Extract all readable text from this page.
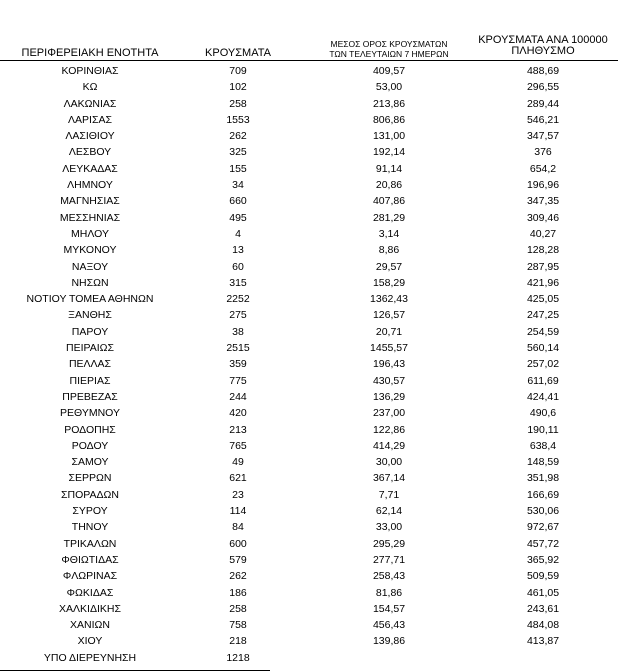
ΠΕΡΙΦΕΡΕΙΑΚΗ ΕΝΟΤΗΤΑ	ΚΡΟΥΣΜΑΤΑ
ΜΕΣΟΣ ΟΡΟΣ ΚΡΟΥΣΜΑΤΩΝ
ΤΩΝ ΤΕΛΕΥΤΑΙΩΝ 7 ΗΜΕΡΩΝ
ΚΡΟΥΣΜΑΤΑ ΑΝΑ 100000
ΠΛΗΘΥΣΜΟ
ΚΟΡΙΝΘΙΑΣ	709	409,57	488,69
ΚΩ	102	53,00	296,55
ΛΑΚΩΝΙΑΣ	258	213,86	289,44
ΛΑΡΙΣΑΣ	1553	806,86	546,21
ΛΑΣΙΘΙΟΥ	262	131,00	347,57
ΛΕΣΒΟΥ	325	192,14	376
ΛΕΥΚΑΔΑΣ	155	91,14	654,2
ΛΗΜΝΟΥ	34	20,86	196,96
ΜΑΓΝΗΣΙΑΣ	660	407,86	347,35
ΜΕΣΣΗΝΙΑΣ	495	281,29	309,46
ΜΗΛΟΥ	4	3,14	40,27
ΜΥΚΟΝΟΥ	13	8,86	128,28
ΝΑΞΟΥ	60	29,57	287,95
ΝΗΣΩΝ	315	158,29	421,96
ΝΟΤΙΟΥ ΤΟΜΕΑ ΑΘΗΝΩΝ	2252	1362,43	425,05
ΞΑΝΘΗΣ	275	126,57	247,25
ΠΑΡΟΥ	38	20,71	254,59
ΠΕΙΡΑΙΩΣ	2515	1455,57	560,14
ΠΕΛΛΑΣ	359	196,43	257,02
ΠΙΕΡΙΑΣ	775	430,57	611,69
ΠΡΕΒΕΖΑΣ	244	136,29	424,41
ΡΕΘΥΜΝΟΥ	420	237,00	490,6
ΡΟΔΟΠΗΣ	213	122,86	190,11
ΡΟΔΟΥ	765	414,29	638,4
ΣΑΜΟΥ	49	30,00	148,59
ΣΕΡΡΩΝ	621	367,14	351,98
ΣΠΟΡΑΔΩΝ	23	7,71	166,69
ΣΥΡΟΥ	114	62,14	530,06
ΤΗΝΟΥ	84	33,00	972,67
ΤΡΙΚΑΛΩΝ	600	295,29	457,72
ΦΘΙΩΤΙΔΑΣ	579	277,71	365,92
ΦΛΩΡΙΝΑΣ	262	258,43	509,59
ΦΩΚΙΔΑΣ	186	81,86	461,05
ΧΑΛΚΙΔΙΚΗΣ	258	154,57	243,61
ΧΑΝΙΩΝ	758	456,43	484,08
ΧΙΟΥ	218	139,86	413,87
ΥΠΟ ΔΙΕΡΕΥΝΗΣΗ	1218
